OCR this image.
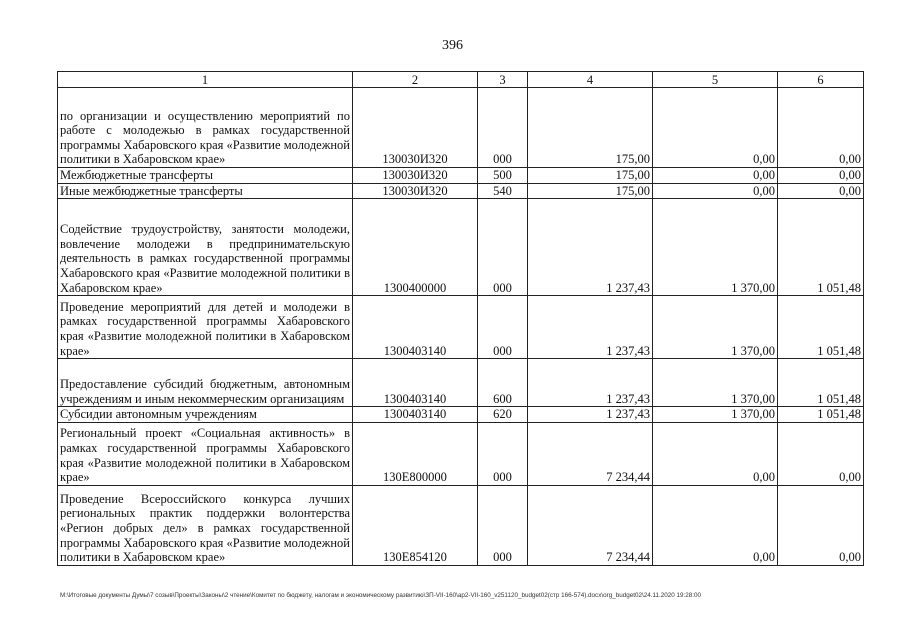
396
1	2	3	4	5	6
по организации и осуществлению мероприятий по работе с молодежью в рамках государственной программы Хабаровского края «Развитие молодежной политики в Хабаровском крае»	130030И320	000	175,00	0,00	0,00
Межбюджетные трансферты	130030И320	500	175,00	0,00	0,00
Иные межбюджетные трансферты	130030И320	540	175,00	0,00	0,00
Содействие трудоустройству, занятости молодежи, вовлечение молодежи в предпринимательскую деятельность в рамках государственной программы Хабаровского края «Развитие молодежной политики в Хабаровском крае»	1300400000	000	1 237,43	1 370,00	1 051,48
Проведение мероприятий для детей и молодежи в рамках государственной программы Хабаровского края «Развитие молодежной политики в Хабаровском крае»	1300403140	000	1 237,43	1 370,00	1 051,48
Предоставление субсидий бюджетным, автономным учреждениям и иным некоммерческим организациям	1300403140	600	1 237,43	1 370,00	1 051,48
Субсидии автономным учреждениям	1300403140	620	1 237,43	1 370,00	1 051,48
Региональный проект «Социальная активность» в рамках государственной программы Хабаровского края «Развитие молодежной политики в Хабаровском крае»	130E800000	000	7 234,44	0,00	0,00
Проведение Всероссийского конкурса лучших региональных практик поддержки волонтерства «Регион добрых дел» в рамках государственной программы Хабаровского края «Развитие молодежной политики в Хабаровском крае»	130E854120	000	7 234,44	0,00	0,00
M:\Итоговые документы Думы\7 созыв\Проекты\Законы\2 чтение\Комитет по бюджету, налогам и экономическому развитию\ЗП-VII-160\ap2-VII-160_v251120_budget02(стр 166-574).docx\org_budget02\24.11.2020 19:28:00
